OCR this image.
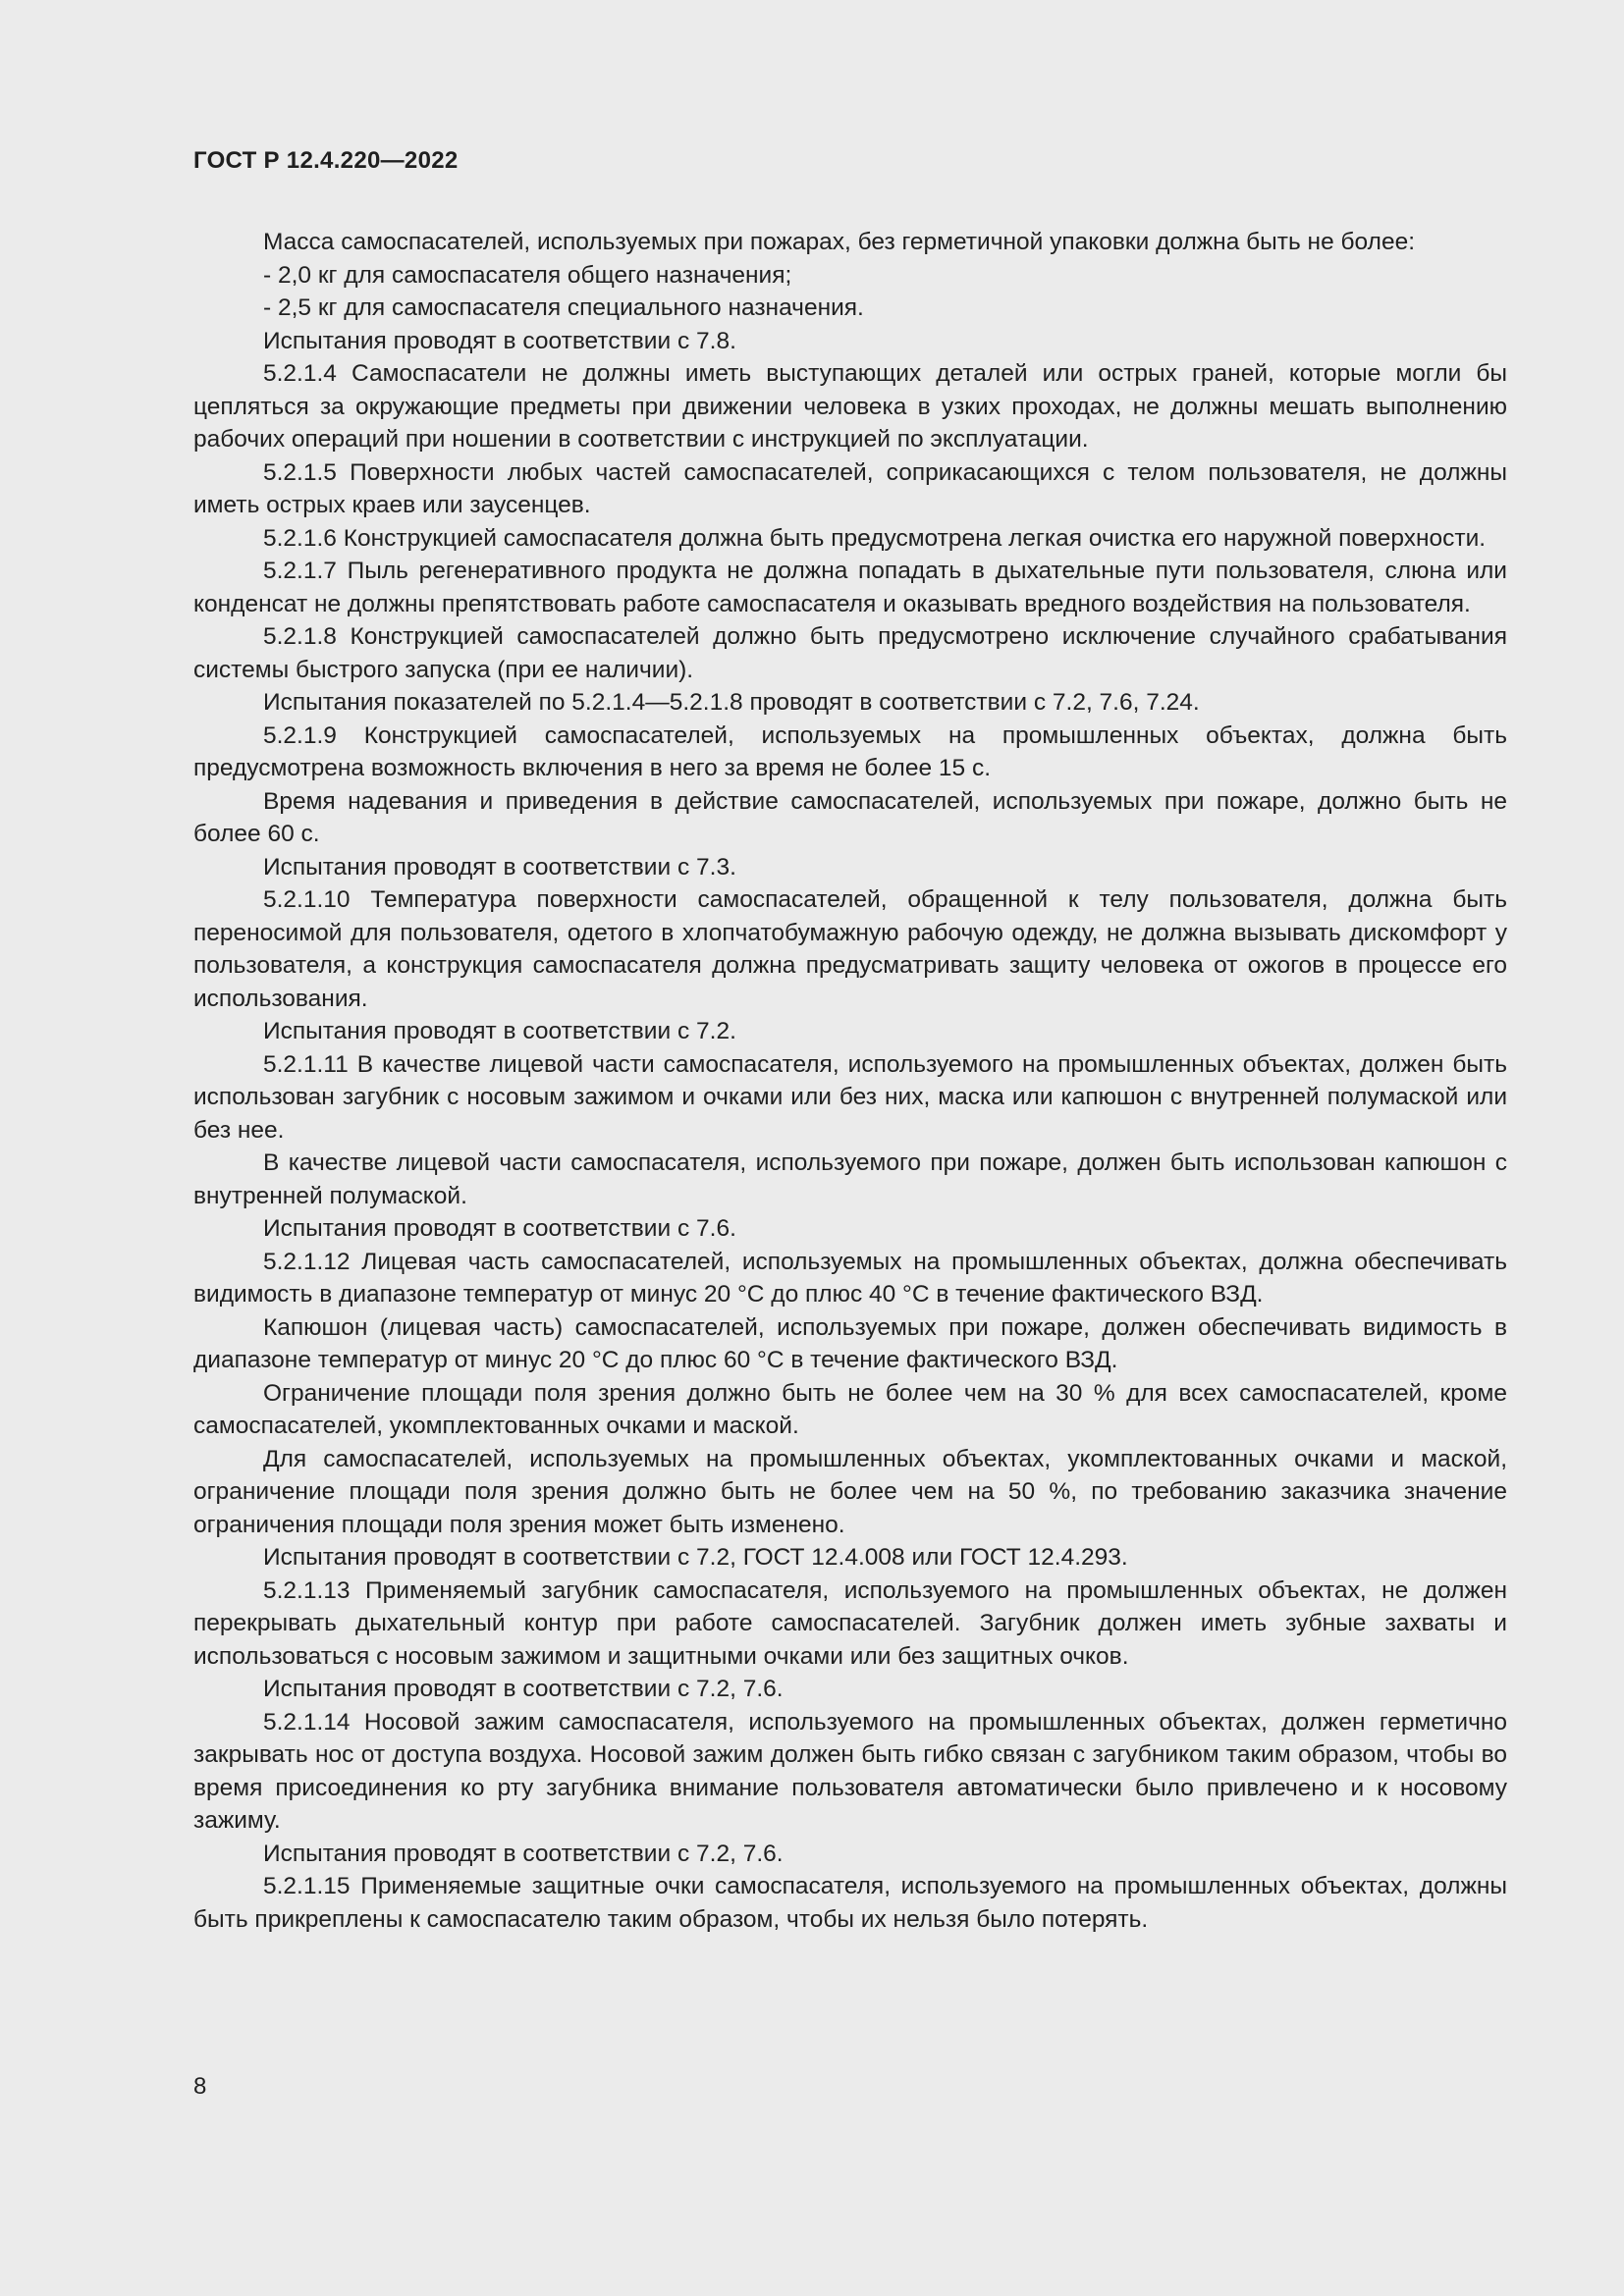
ГОСТ Р 12.4.220—2022

Масса самоспасателей, используемых при пожарах, без герметичной упаковки должна быть не более:

- 2,0 кг для самоспасателя общего назначения;

- 2,5 кг для самоспасателя специального назначения.

Испытания проводят в соответствии с 7.8.

5.2.1.4 Самоспасатели не должны иметь выступающих деталей или острых граней, которые могли бы цепляться за окружающие предметы при движении человека в узких проходах, не должны мешать выполнению рабочих операций при ношении в соответствии с инструкцией по эксплуатации.

5.2.1.5 Поверхности любых частей самоспасателей, соприкасающихся с телом пользователя, не должны иметь острых краев или заусенцев.

5.2.1.6 Конструкцией самоспасателя должна быть предусмотрена легкая очистка его наружной поверхности.

5.2.1.7 Пыль регенеративного продукта не должна попадать в дыхательные пути пользователя, слюна или конденсат не должны препятствовать работе самоспасателя и оказывать вредного воздействия на пользователя.

5.2.1.8 Конструкцией самоспасателей должно быть предусмотрено исключение случайного срабатывания системы быстрого запуска (при ее наличии).

Испытания показателей по 5.2.1.4—5.2.1.8 проводят в соответствии с 7.2, 7.6, 7.24.

5.2.1.9 Конструкцией самоспасателей, используемых на промышленных объектах, должна быть предусмотрена возможность включения в него за время не более 15 с.

Время надевания и приведения в действие самоспасателей, используемых при пожаре, должно быть не более 60 с.

Испытания проводят в соответствии с 7.3.

5.2.1.10 Температура поверхности самоспасателей, обращенной к телу пользователя, должна быть переносимой для пользователя, одетого в хлопчатобумажную рабочую одежду, не должна вызывать дискомфорт у пользователя, а конструкция самоспасателя должна предусматривать защиту человека от ожогов в процессе его использования.

Испытания проводят в соответствии с 7.2.

5.2.1.11 В качестве лицевой части самоспасателя, используемого на промышленных объектах, должен быть использован загубник с носовым зажимом и очками или без них, маска или капюшон с внутренней полумаской или без нее.

В качестве лицевой части самоспасателя, используемого при пожаре, должен быть использован капюшон с внутренней полумаской.

Испытания проводят в соответствии с 7.6.

5.2.1.12 Лицевая часть самоспасателей, используемых на промышленных объектах, должна обеспечивать видимость в диапазоне температур от минус 20 °С до плюс 40 °С в течение фактического ВЗД.

Капюшон (лицевая часть) самоспасателей, используемых при пожаре, должен обеспечивать видимость в диапазоне температур от минус 20 °С до плюс 60 °С в течение фактического ВЗД.

Ограничение площади поля зрения должно быть не более чем на 30 % для всех самоспасателей, кроме самоспасателей, укомплектованных очками и маской.

Для самоспасателей, используемых на промышленных объектах, укомплектованных очками и маской, ограничение площади поля зрения должно быть не более чем на 50 %, по требованию заказчика значение ограничения площади поля зрения может быть изменено.

Испытания проводят в соответствии с 7.2, ГОСТ 12.4.008 или ГОСТ 12.4.293.

5.2.1.13 Применяемый загубник самоспасателя, используемого на промышленных объектах, не должен перекрывать дыхательный контур при работе самоспасателей. Загубник должен иметь зубные захваты и использоваться с носовым зажимом и защитными очками или без защитных очков.

Испытания проводят в соответствии с 7.2, 7.6.

5.2.1.14 Носовой зажим самоспасателя, используемого на промышленных объектах, должен герметично закрывать нос от доступа воздуха. Носовой зажим должен быть гибко связан с загубником таким образом, чтобы во время присоединения ко рту загубника внимание пользователя автоматически было привлечено и к носовому зажиму.

Испытания проводят в соответствии с 7.2, 7.6.

5.2.1.15 Применяемые защитные очки самоспасателя, используемого на промышленных объектах, должны быть прикреплены к самоспасателю таким образом, чтобы их нельзя было потерять.

8
